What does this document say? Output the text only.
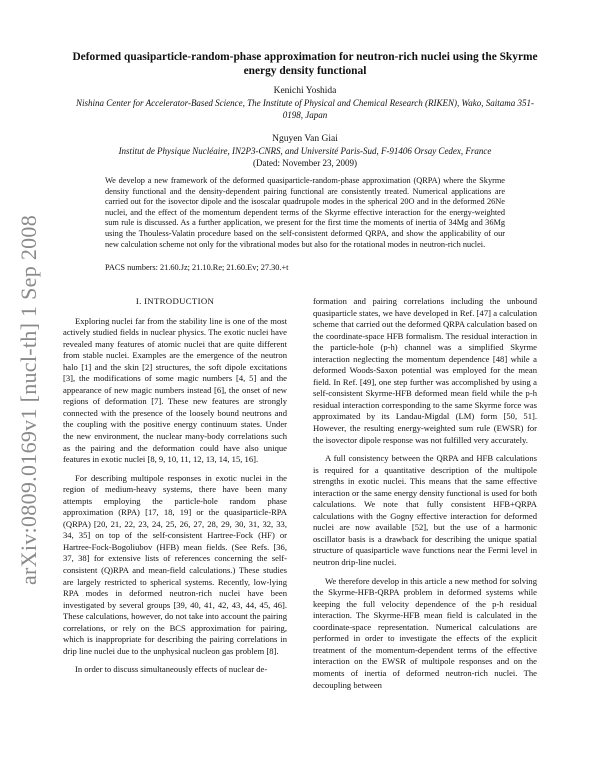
arXiv:0809.0169v1 [nucl-th] 1 Sep 2008
Deformed quasiparticle-random-phase approximation for neutron-rich nuclei using the Skyrme energy density functional
Kenichi Yoshida
Nishina Center for Accelerator-Based Science, The Institute of Physical and Chemical Research (RIKEN), Wako, Saitama 351-0198, Japan
Nguyen Van Giai
Institut de Physique Nucléaire, IN2P3-CNRS, and Université Paris-Sud, F-91406 Orsay Cedex, France
(Dated: November 23, 2009)
We develop a new framework of the deformed quasiparticle-random-phase approximation (QRPA) where the Skyrme density functional and the density-dependent pairing functional are consistently treated. Numerical applications are carried out for the isovector dipole and the isoscalar quadrupole modes in the spherical 20O and in the deformed 26Ne nuclei, and the effect of the momentum dependent terms of the Skyrme effective interaction for the energy-weighted sum rule is discussed. As a further application, we present for the first time the moments of inertia of 34Mg and 36Mg using the Thouless-Valatin procedure based on the self-consistent deformed QRPA, and show the applicability of our new calculation scheme not only for the vibrational modes but also for the rotational modes in neutron-rich nuclei.
PACS numbers: 21.60.Jz; 21.10.Re; 21.60.Ev; 27.30.+t
I. INTRODUCTION

Exploring nuclei far from the stability line is one of the most actively studied fields in nuclear physics. The exotic nuclei have revealed many features of atomic nuclei that are quite different from stable nuclei. Examples are the emergence of the neutron halo [1] and the skin [2] structures, the soft dipole excitations [3], the modifications of some magic numbers [4, 5] and the appearance of new magic numbers instead [6], the onset of new regions of deformation [7]. These new features are strongly connected with the presence of the loosely bound neutrons and the coupling with the positive energy continuum states. Under the new environment, the nuclear many-body correlations such as the pairing and the deformation could have also unique features in exotic nuclei [8, 9, 10, 11, 12, 13, 14, 15, 16].

For describing multipole responses in exotic nuclei in the region of medium-heavy systems, there have been many attempts employing the particle-hole random phase approximation (RPA) [17, 18, 19] or the quasiparticle-RPA (QRPA) [20, 21, 22, 23, 24, 25, 26, 27, 28, 29, 30, 31, 32, 33, 34, 35] on top of the self-consistent Hartree-Fock (HF) or Hartree-Fock-Bogoliubov (HFB) mean fields. (See Refs. [36, 37, 38] for extensive lists of references concerning the self-consistent (Q)RPA and mean-field calculations.) These studies are largely restricted to spherical systems. Recently, low-lying RPA modes in deformed neutron-rich nuclei have been investigated by several groups [39, 40, 41, 42, 43, 44, 45, 46]. These calculations, however, do not take into account the pairing correlations, or rely on the BCS approximation for pairing, which is inappropriate for describing the pairing correlations in drip line nuclei due to the unphysical nucleon gas problem [8].

In order to discuss simultaneously effects of nuclear de-

formation and pairing correlations including the unbound quasiparticle states, we have developed in Ref. [47] a calculation scheme that carried out the deformed QRPA calculation based on the coordinate-space HFB formalism. The residual interaction in the particle-hole (p-h) channel was a simplified Skyrme interaction neglecting the momentum dependence [48] while a deformed Woods-Saxon potential was employed for the mean field. In Ref. [49], one step further was accomplished by using a self-consistent Skyrme-HFB deformed mean field while the p-h residual interaction corresponding to the same Skyrme force was approximated by its Landau-Migdal (LM) form [50, 51]. However, the resulting energy-weighted sum rule (EWSR) for the isovector dipole response was not fulfilled very accurately.

A full consistency between the QRPA and HFB calculations is required for a quantitative description of the multipole strengths in exotic nuclei. This means that the same effective interaction or the same energy density functional is used for both calculations. We note that fully consistent HFB+QRPA calculations with the Gogny effective interaction for deformed nuclei are now available [52], but the use of a harmonic oscillator basis is a drawback for describing the unique spatial structure of quasiparticle wave functions near the Fermi level in neutron drip-line nuclei.

We therefore develop in this article a new method for solving the Skyrme-HFB-QRPA problem in deformed systems while keeping the full velocity dependence of the p-h residual interaction. The Skyrme-HFB mean field is calculated in the coordinate-space representation. Numerical calculations are performed in order to investigate the effects of the explicit treatment of the momentum-dependent terms of the effective interaction on the EWSR of multipole responses and on the moments of inertia of deformed neutron-rich nuclei. The decoupling between
